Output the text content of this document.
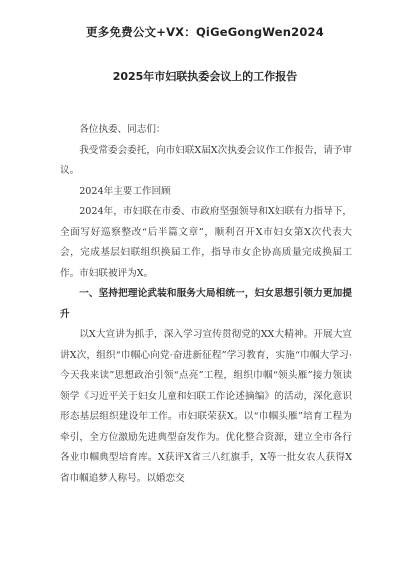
更多免费公文+VX：QiGeGongWen2024
2025年市妇联执委会议上的工作报告

各位执委、同志们：

我受常委会委托，向市妇联X届X次执委会议作工作报告，请予审议。

2024年主要工作回顾

2024年，市妇联在市委、市政府坚强领导和X妇联有力指导下，全面写好巡察整改“后半篇文章”，顺利召开X市妇女第X次代表大会，完成基层妇联组织换届工作，指导市女企协高质量完成换届工作。市妇联被评为X。

一、坚持把理论武装和服务大局相统一，妇女思想引领力更加提升

以X大宣讲为抓手，深入学习宣传贯彻党的XX大精神。开展大宣讲X次，组织“巾帼心向党·奋进新征程”学习教育，实施“巾帼大学习·今天我来读”思想政治引领“点亮”工程，组织巾帼“领头雁”接力领读领学《习近平关于妇女儿童和妇联工作论述摘编》的活动，深化意识形态基层组织建设年工作。市妇联荣获X。以“巾帼头雁”培育工程为牵引，全方位激励先进典型奋发作为。优化整合资源，建立全市各行各业巾帼典型培育库。X获评X省三八红旗手，X等一批女农人获得X省巾帼追梦人称号。以婚恋交
